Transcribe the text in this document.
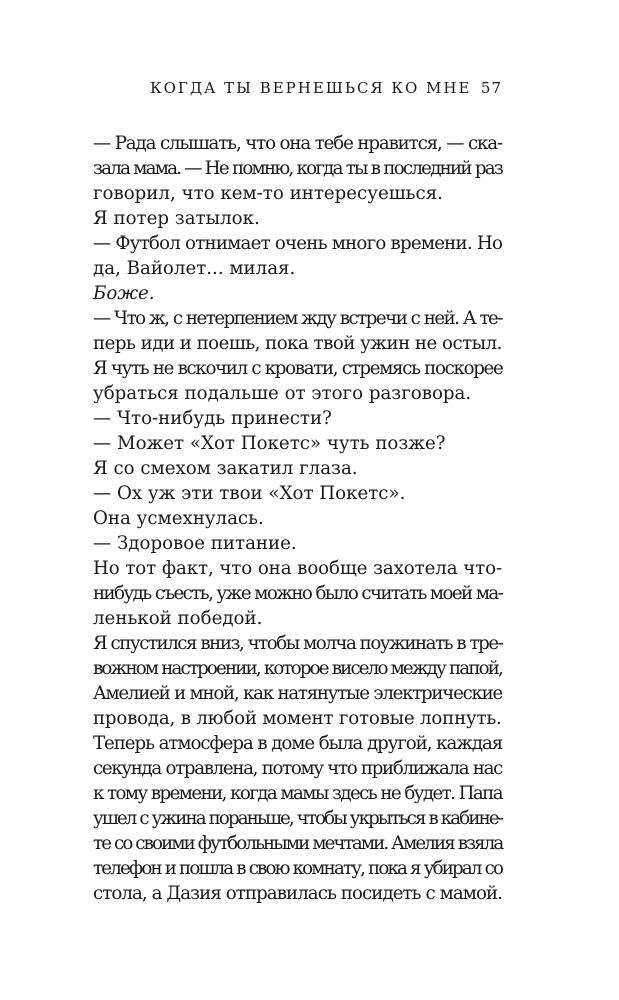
КОГДА ТЫ ВЕРНЕШЬСЯ КО МНЕ 57
— Рада слышать, что она тебе нравится, — ска-
зала мама. — Не помню, когда ты в последний раз
говорил, что кем-то интересуешься.
Я потер затылок.
— Футбол отнимает очень много времени. Но
да, Вайолет... милая.
Боже.
— Что ж, с нетерпением жду встречи с ней. А те-
перь иди и поешь, пока твой ужин не остыл.
Я чуть не вскочил с кровати, стремясь поскорее
убраться подальше от этого разговора.
— Что-нибудь принести?
— Может «Хот Покетс» чуть позже?
Я со смехом закатил глаза.
— Ох уж эти твои «Хот Покетс».
Она усмехнулась.
— Здоровое питание.
Но тот факт, что она вообще захотела что-
нибудь съесть, уже можно было считать моей ма-
ленькой победой.
Я спустился вниз, чтобы молча поужинать в тре-
вожном настроении, которое висело между папой,
Амелией и мной, как натянутые электрические
провода, в любой момент готовые лопнуть.
Теперь атмосфера в доме была другой, каждая
секунда отравлена, потому что приближала нас
к тому времени, когда мамы здесь не будет. Папа
ушел с ужина пораньше, чтобы укрыться в кабине-
те со своими футбольными мечтами. Амелия взяла
телефон и пошла в свою комнату, пока я убирал со
стола, а Дазия отправилась посидеть с мамой.
